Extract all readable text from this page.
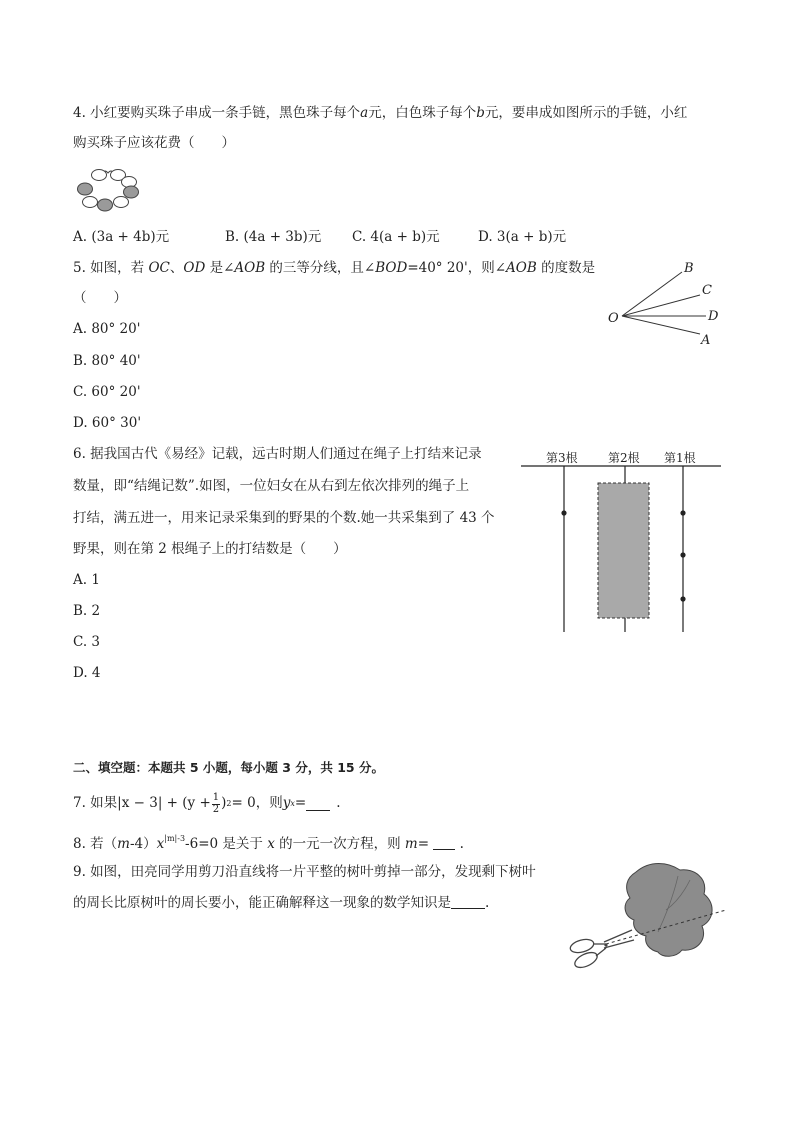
4. 小红要购买珠子串成一条手链，黑色珠子每个a元，白色珠子每个b元，要串成如图所示的手链，小红
购买珠子应该花费（　　）
A. (3a + 4b)元	B. (4a + 3b)元 C. 4(a + b)元	D. 3(a + b)元
5. 如图，若 OC、OD 是∠AOB 的三等分线，且∠BOD=40° 20'，则∠AOB 的度数是
（　　）
A. 80° 20'
B. 80° 40'
C. 60° 20'
D. 60° 30'
O
B
C
D
A
6. 据我国古代《易经》记载，远古时期人们通过在绳子上打结来记录
数量，即“结绳记数”.如图，一位妇女在从右到左依次排列的绳子上
打结，满五进一，用来记录采集到的野果的个数.她一共采集到了 43 个
野果，则在第 2 根绳子上的打结数是（　　）
A. 1
B. 2
C. 3
D. 4
第3根	第2根 第1根
二、填空题：本题共 5 小题，每小题 3 分，共 15 分。
7. 如果 $|x - 3| + (y + \frac{1}{2}$ ) 2 = 0 ，则 y x = .
8. 若$(m-4)x^{|m|-3}-6=0$ 是关于 x 的一元一次方程，则 m= .
9. 如图，田亮同学用剪刀沿直线将一片平整的树叶剪掉一部分，发现剩下树叶
的周长比原树叶的周长要小，能正确解释这一现象的数学知识是	.
